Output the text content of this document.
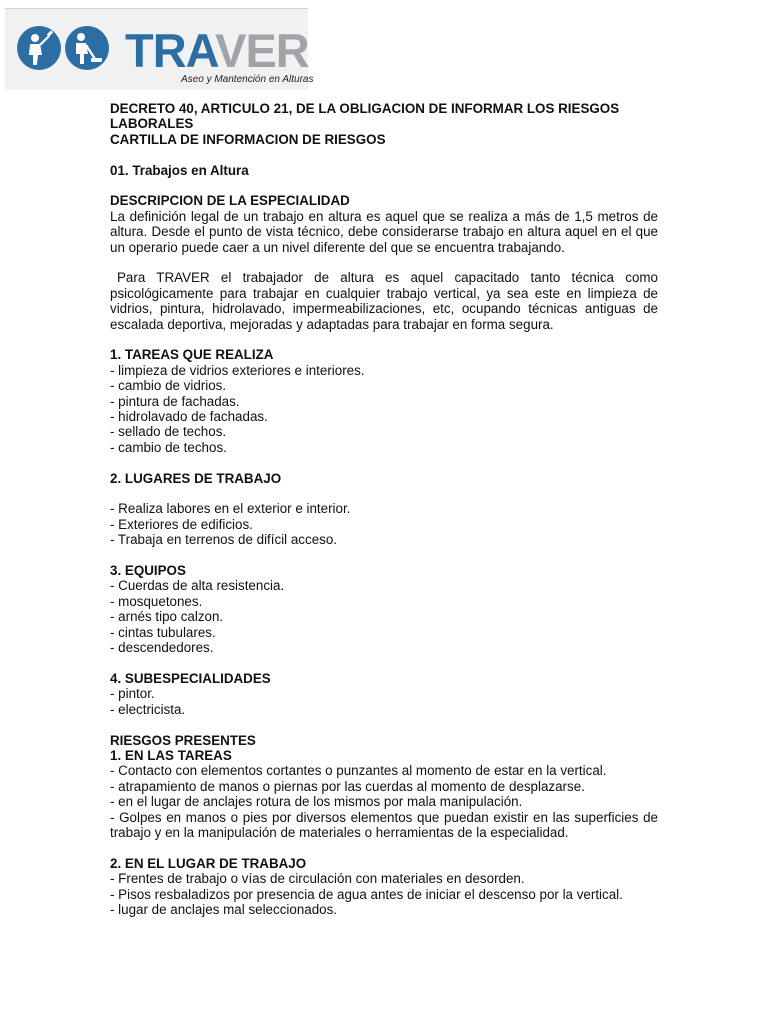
TRAVER
Aseo y Mantención en Alturas
DECRETO 40, ARTICULO 21, DE LA OBLIGACION DE INFORMAR LOS RIESGOS LABORALES
CARTILLA DE INFORMACION DE RIESGOS
01. Trabajos en Altura
DESCRIPCION DE LA ESPECIALIDAD

La definición legal de un trabajo en altura es aquel que se realiza a más de 1,5 metros de altura. Desde el punto de vista técnico, debe considerarse trabajo en altura aquel en el que un operario puede caer a un nivel diferente del que se encuentra trabajando.

Para TRAVER el trabajador de altura es aquel capacitado tanto técnica como psicológicamente para trabajar en cualquier trabajo vertical, ya sea este en limpieza de vidrios, pintura, hidrolavado, impermeabilizaciones, etc, ocupando técnicas antiguas de escalada deportiva, mejoradas y adaptadas para trabajar en forma segura.

1. TAREAS QUE REALIZA
- limpieza de vidrios exteriores e interiores.
- cambio de vidrios.
- pintura de fachadas.
- hidrolavado de fachadas.
- sellado de techos.
- cambio de techos.
2. LUGARES DE TRABAJO
- Realiza labores en el exterior e interior.
- Exteriores de edificios.
- Trabaja en terrenos de difícil acceso.
3. EQUIPOS
- Cuerdas de alta resistencia.
- mosquetones.
- arnés tipo calzon.
- cintas tubulares.
- descendedores.
4. SUBESPECIALIDADES
- pintor.
- electricista.
RIESGOS PRESENTES
1. EN LAS TAREAS
- Contacto con elementos cortantes o punzantes al momento de estar en la vertical.
- atrapamiento de manos o piernas por las cuerdas al momento de desplazarse.
- en el lugar de anclajes rotura de los mismos por mala manipulación.
- Golpes en manos o pies por diversos elementos que puedan existir en las superficies de trabajo y en la manipulación de materiales o herramientas de la especialidad.
2. EN EL LUGAR DE TRABAJO
- Frentes de trabajo o vías de circulación con materiales en desorden.
- Pisos resbaladizos por presencia de agua antes de iniciar el descenso por la vertical.
- lugar de anclajes mal seleccionados.
